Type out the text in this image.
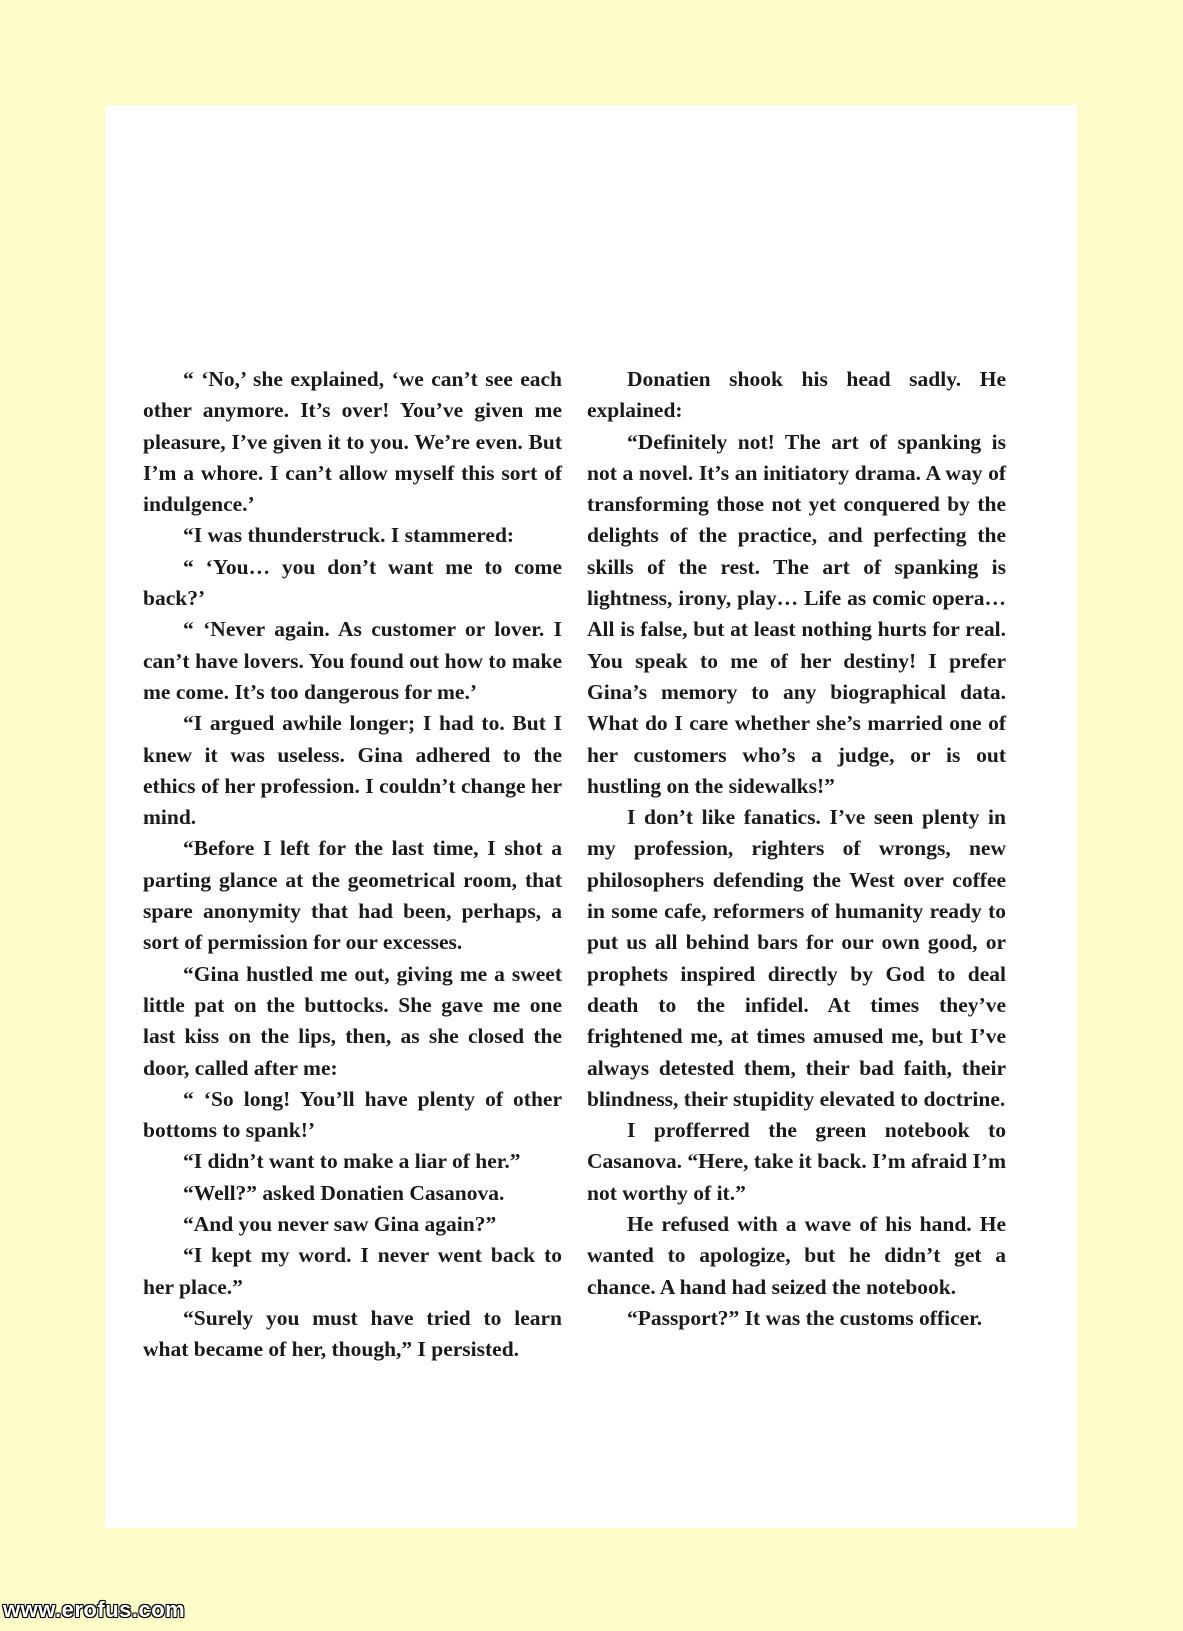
“ ‘No,’ she explained, ‘we can’t see each other anymore. It’s over! You’ve given me pleasure, I’ve given it to you. We’re even. But I’m a whore. I can’t allow myself this sort of indulgence.’

“I was thunderstruck. I stammered:

“ ‘You… you don’t want me to come back?’

“ ‘Never again. As customer or lover. I can’t have lovers. You found out how to make me come. It’s too dangerous for me.’

“I argued awhile longer; I had to. But I knew it was useless. Gina adhered to the ethics of her profession. I couldn’t change her mind.

“Before I left for the last time, I shot a parting glance at the geometrical room, that spare anonymity that had been, perhaps, a sort of permission for our excesses.

“Gina hustled me out, giving me a sweet little pat on the buttocks. She gave me one last kiss on the lips, then, as she closed the door, called after me:

“ ‘So long! You’ll have plenty of other bottoms to spank!’

“I didn’t want to make a liar of her.”

“Well?” asked Donatien Casanova.

“And you never saw Gina again?”

“I kept my word. I never went back to her place.”

“Surely you must have tried to learn what became of her, though,” I persisted.

Donatien shook his head sadly. He explained:

“Definitely not! The art of spanking is not a novel. It’s an initiatory drama. A way of transforming those not yet conquered by the delights of the practice, and perfecting the skills of the rest. The art of spanking is lightness, irony, play… Life as comic opera… All is false, but at least nothing hurts for real. You speak to me of her destiny! I prefer Gina’s memory to any biographical data. What do I care whether she’s married one of her customers who’s a judge, or is out hustling on the sidewalks!”

I don’t like fanatics. I’ve seen plenty in my profession, righters of wrongs, new philosophers defending the West over coffee in some cafe, reformers of humanity ready to put us all behind bars for our own good, or prophets inspired directly by God to deal death to the infidel. At times they’ve frightened me, at times amused me, but I’ve always detested them, their bad faith, their blindness, their stupidity elevated to doctrine.

I profferred the green notebook to Casanova. “Here, take it back. I’m afraid I’m not worthy of it.”

He refused with a wave of his hand. He wanted to apologize, but he didn’t get a chance. A hand had seized the notebook.

“Passport?” It was the customs officer.

www.erofus.com
